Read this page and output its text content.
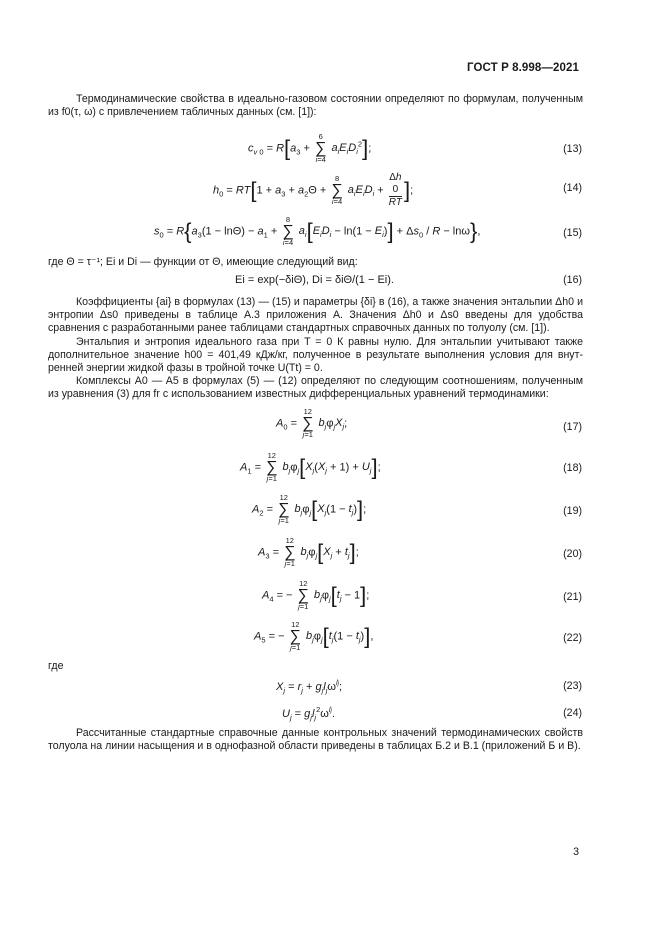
ГОСТ Р 8.998—2021

Термодинамические свойства в идеально-газовом состоянии определяют по формулам, полученным из f0(τ, ω) с привлечением табличных данных (см. [1]):

$c_{v 0} = R[a_3$ +
6
∑
i=4
$a_iE_iD_i^2$];	(13)
$h_0 = RT[1 + a_3 + a_2\Theta$ +
8
∑
i=4
$a_iE_iD_i + \Delta h$
0
RT ];	(14)
$s_0 = R\{a_3(1 - \ln\Theta) - a_1$ +
8
∑
i=4
$a_i[E_iD_i - \ln(1 - E_i)] + \Delta s_0 / R - \ln\omega$},	(15)

где Θ = τ⁻¹; Ei и Di — функции от Θ, имеющие следующий вид:

Ei = exp(−δiΘ), Di = δiΘ/(1 − Ei).	(16)

Коэффициенты {ai} в формулах (13) — (15) и параметры {δi} в (16), а также значения энтальпии Δh0 и энтропии Δs0 приведены в таблице А.3 приложения А. Значения Δh0 и Δs0 введены для удобства сравнения с разработанными ранее таблицами стандартных справочных данных по толуолу (см. [1]).

Энтальпия и энтропия идеального газа при T = 0 К равны нулю. Для энтальпии учитывают также дополнительное значение h00 = 401,49 кДж/кг, полученное в результате выполнения условия для внутренней энергии жидкой фазы в тройной точке U(Tt) = 0.

Комплексы A0 — A5 в формулах (5) — (12) определяют по следующим соотношениям, полученным из уравнения (3) для fr с использованием известных дифференциальных уравнений термодинамики:

$A_0$ =
12
∑
j=1
$b_j\varphi_jX_j$;	(17)
$A_1$ =
12
∑
j=1
$b_j\varphi_j[X_j(X_j + 1) + U_j]$;	(18)
$A_2$ =
12
∑
j=1
$b_j\varphi_j[X_j(1 - t_j)]$;	(19)
$A_3$ =
12
∑
j=1
$b_j\varphi_j[X_j + t_j]$;	(20)
$A_4$ = −
12
∑
j=1
$b_j\varphi_j[t_j - 1]$;	(21)
$A_5$ = −
12
∑
j=1
$b_j\varphi_j[t_j(1 - t_j)]$,	(22)
где
$X_j = r_j + g_jl_j\omega^{lj}$;	(23)
$U_j = g_jl_j^2\omega^{lj}$.	(24)

Рассчитанные стандартные справочные данные контрольных значений термодинамических свойств толуола на линии насыщения и в однофазной области приведены в таблицах Б.2 и В.1 (приложений Б и В).

3
